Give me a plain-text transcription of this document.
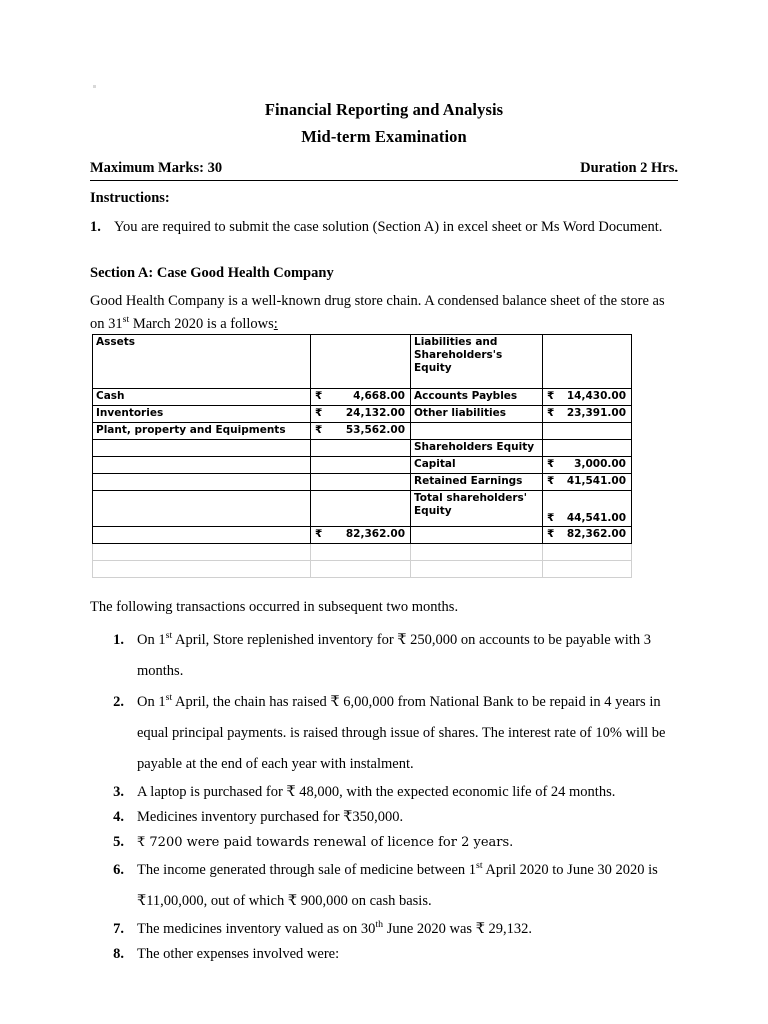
Financial Reporting and Analysis
Mid-term Examination
Maximum Marks: 30	Duration 2 Hrs.
Instructions:
1. You are required to submit the case solution (Section A) in excel sheet or Ms Word Document.
Section A: Case Good Health Company
Good Health Company is a well-known drug store chain. A condensed balance sheet of the store as on 31st March 2020 is a follows:
Assets		Liabilities and Shareholders's Equity	
Cash	₹ 4,668.00	Accounts Paybles	₹ 14,430.00

Inventories	₹ 24,132.00	Other liabilities	₹ 23,391.00

Plant, property and Equipments	₹ 53,562.00		

		Shareholders Equity	
		Capital	₹ 3,000.00

		Retained Earnings	₹ 41,541.00

		Total shareholders' Equity	₹ 44,541.00

	₹ 82,362.00		₹ 82,362.00

The following transactions occurred in subsequent two months.
1. On 1st April, Store replenished inventory for ₹ 250,000 on accounts to be payable with 3 months.
2. On 1st April, the chain has raised ₹ 6,00,000 from National Bank to be repaid in 4 years in equal principal payments. is raised through issue of shares. The interest rate of 10% will be payable at the end of each year with instalment.
3. A laptop is purchased for ₹ 48,000, with the expected economic life of 24 months.
4. Medicines inventory purchased for ₹350,000.
5.	₹ 7200 were paid towards renewal of licence for 2 years.
6. The income generated through sale of medicine between 1st April 2020 to June 30 2020 is ₹11,00,000, out of which ₹ 900,000 on cash basis.
7. The medicines inventory valued as on 30th June 2020 was ₹ 29,132.
8. The other expenses involved were:
